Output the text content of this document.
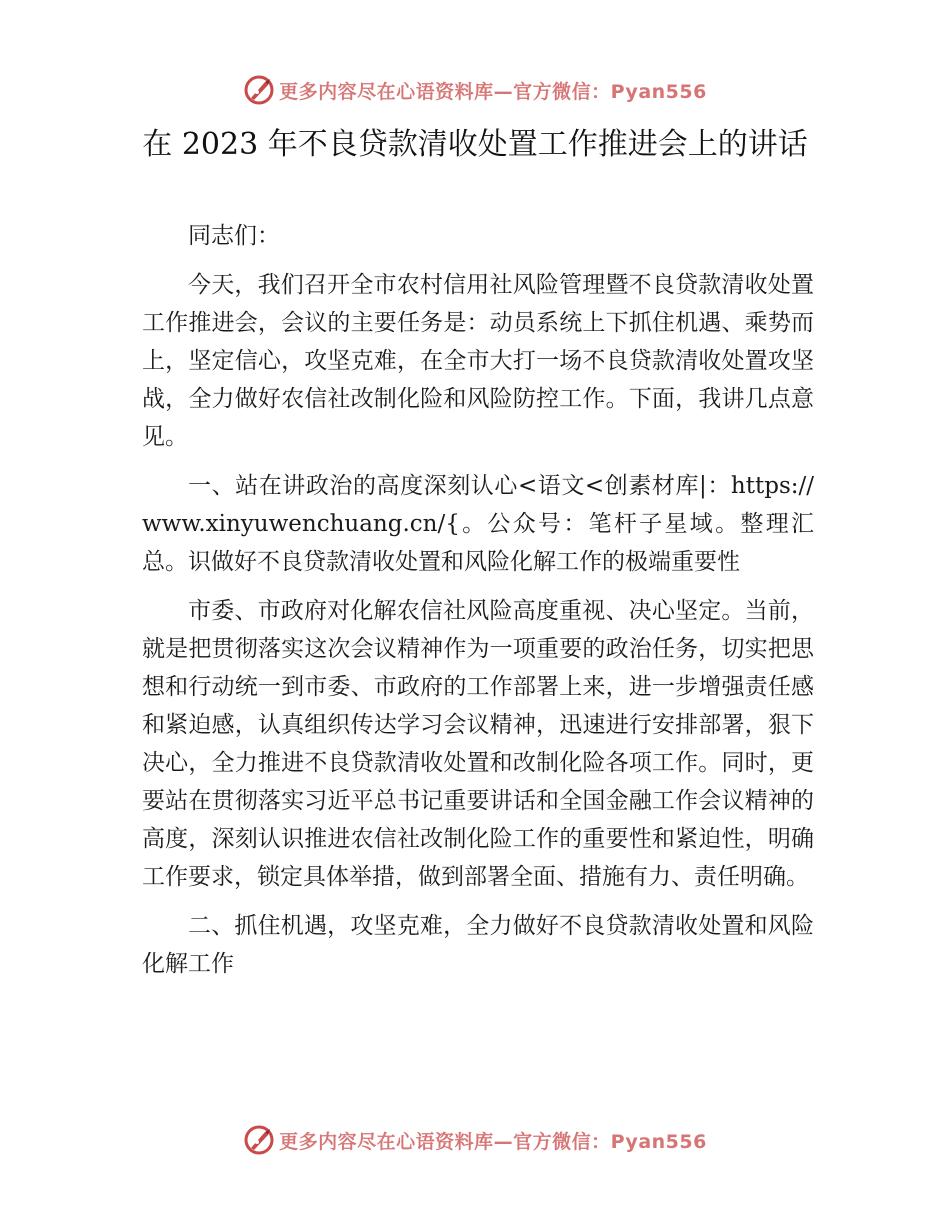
更多内容尽在心语资料库—官方微信：Pyan556
在 2023 年不良贷款清收处置工作推进会上的讲话

同志们：

今天，我们召开全市农村信用社风险管理暨不良贷款清收处置工作推进会，会议的主要任务是：动员系统上下抓住机遇、乘势而上，坚定信心，攻坚克难，在全市大打一场不良贷款清收处置攻坚战，全力做好农信社改制化险和风险防控工作。下面，我讲几点意见。

一、站在讲政治的高度深刻认心<语文<创素材库|：https://www.xinyuwenchuang.cn/{。公众号：笔杆子星域。整理汇总。识做好不良贷款清收处置和风险化解工作的极端重要性

市委、市政府对化解农信社风险高度重视、决心坚定。当前，就是把贯彻落实这次会议精神作为一项重要的政治任务，切实把思想和行动统一到市委、市政府的工作部署上来，进一步增强责任感和紧迫感，认真组织传达学习会议精神，迅速进行安排部署，狠下决心，全力推进不良贷款清收处置和改制化险各项工作。同时，更要站在贯彻落实习近平总书记重要讲话和全国金融工作会议精神的高度，深刻认识推进农信社改制化险工作的重要性和紧迫性，明确工作要求，锁定具体举措，做到部署全面、措施有力、责任明确。

二、抓住机遇，攻坚克难，全力做好不良贷款清收处置和风险化解工作

更多内容尽在心语资料库—官方微信：Pyan556
